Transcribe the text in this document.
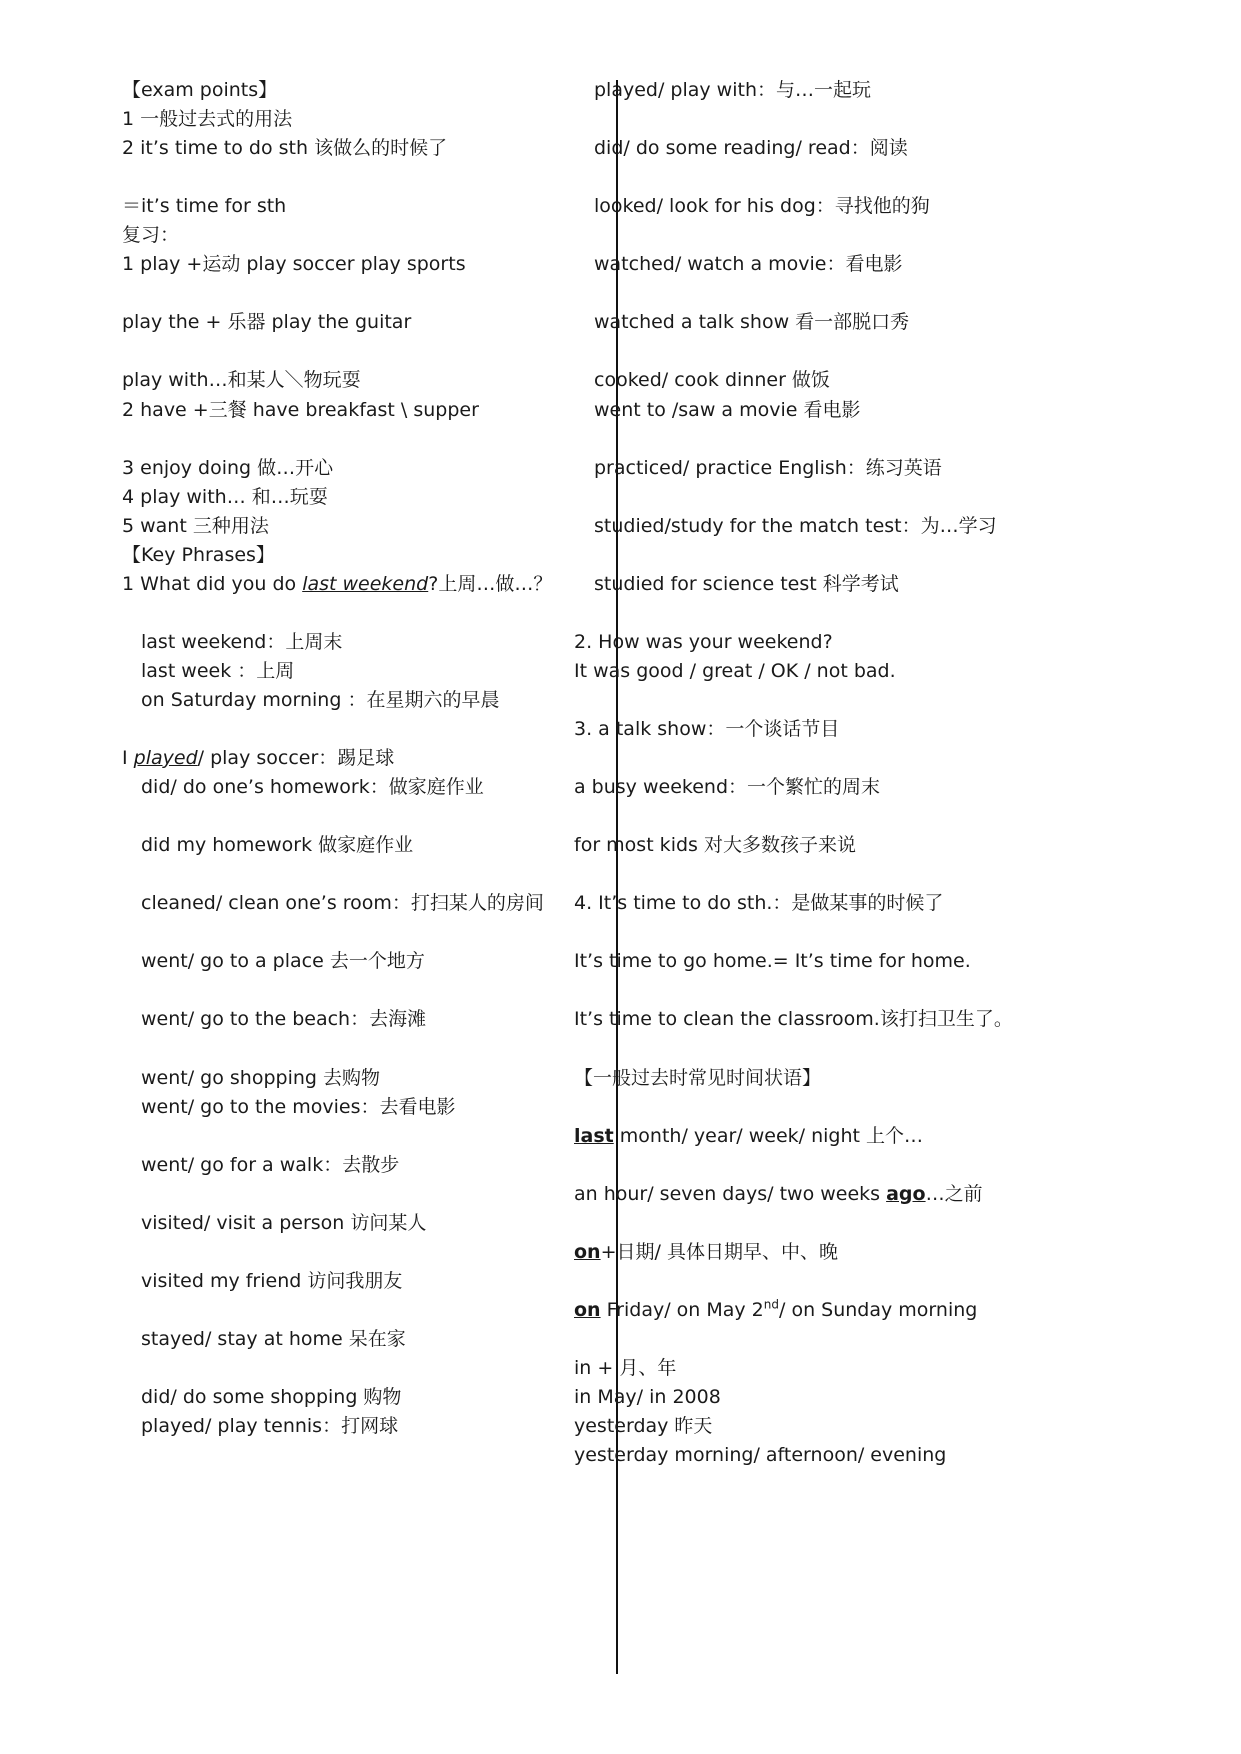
【exam points】
1 一般过去式的用法
2 it’s time to do sth 该做么的时候了
＝it’s time for sth
复习：
1 play +运动 play soccer play sports
play the + 乐器 play the guitar
play with…和某人＼物玩耍
2 have +三餐 have breakfast \ supper
3 enjoy doing 做…开心
4 play with… 和…玩耍
5 want 三种用法
【Key Phrases】
1 What did you do last weekend?上周…做…？
last weekend：上周末
last week ：上周
on Saturday morning ：在星期六的早晨
I played/ play soccer：踢足球
did/ do one’s homework：做家庭作业
did my homework 做家庭作业
cleaned/ clean one’s room：打扫某人的房间
went/ go to a place 去一个地方
went/ go to the beach：去海滩
went/ go shopping 去购物
went/ go to the movies：去看电影
went/ go for a walk：去散步
visited/ visit a person 访问某人
visited my friend 访问我朋友
stayed/ stay at home 呆在家
did/ do some shopping 购物
played/ play tennis：打网球
played/ play with：与…一起玩
did/ do some reading/ read：阅读
looked/ look for his dog：寻找他的狗
watched/ watch a movie：看电影
watched a talk show 看一部脱口秀
cooked/ cook dinner 做饭
went to /saw a movie 看电影
practiced/ practice English：练习英语
studied/study for the match test：为…学习
studied for science test 科学考试
2. How was your weekend?
It was good / great / OK / not bad.
3. a talk show：一个谈话节目
a busy weekend：一个繁忙的周末
for most kids 对大多数孩子来说
4. It’s time to do sth.：是做某事的时候了
It’s time to go home.= It’s time for home.
It’s time to clean the classroom.该打扫卫生了。
【一般过去时常见时间状语】
last month/ year/ week/ night 上个…
an hour/ seven days/ two weeks ago…之前
on+日期/ 具体日期早、中、晚
on Friday/ on May 2nd/ on Sunday morning
in + 月、年
in May/ in 2008
yesterday 昨天
yesterday morning/ afternoon/ evening
